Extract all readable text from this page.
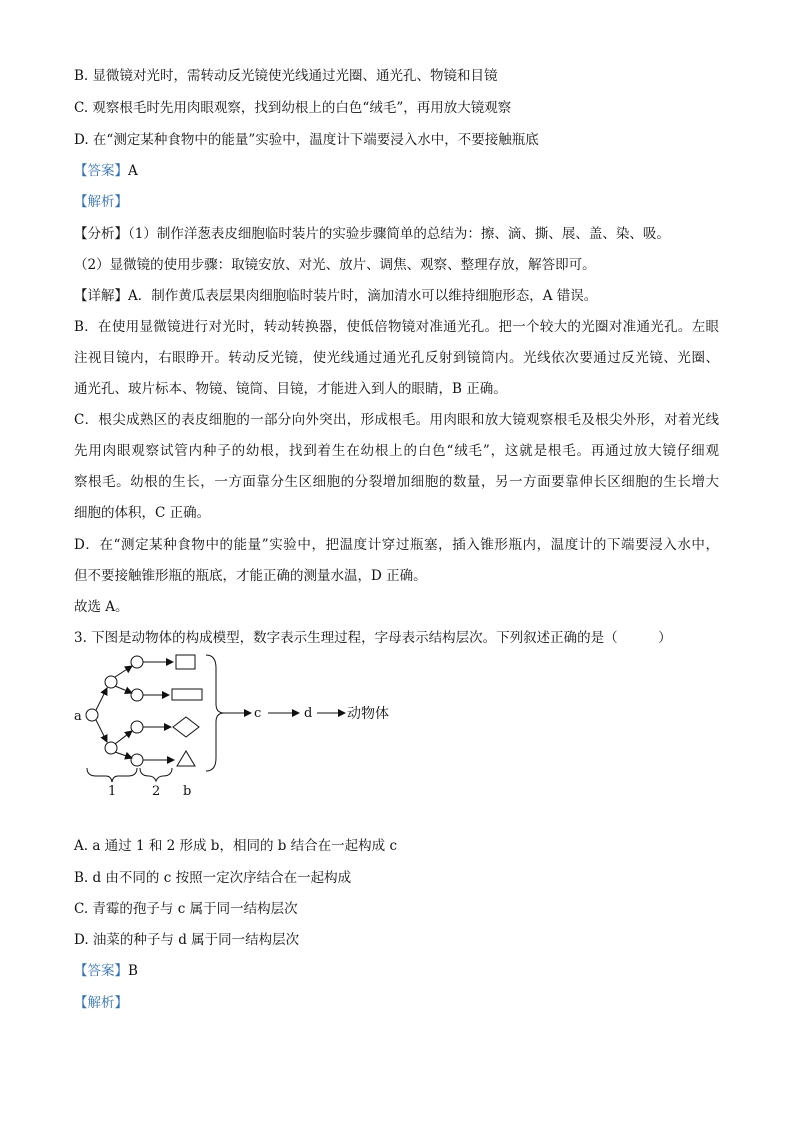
B. 显微镜对光时，需转动反光镜使光线通过光圈、通光孔、物镜和目镜
C. 观察根毛时先用肉眼观察，找到幼根上的白色“绒毛”，再用放大镜观察
D. 在“测定某种食物中的能量”实验中，温度计下端要浸入水中，不要接触瓶底
【答案】A
【解析】
【分析】（1）制作洋葱表皮细胞临时装片的实验步骤简单的总结为：擦、滴、撕、展、盖、染、吸。
（2）显微镜的使用步骤：取镜安放、对光、放片、调焦、观察、整理存放，解答即可。
【详解】A．制作黄瓜表层果肉细胞临时装片时，滴加清水可以维持细胞形态，A 错误。
B．在使用显微镜进行对光时，转动转换器，使低倍物镜对准通光孔。把一个较大的光圈对准通光孔。左眼
注视目镜内，右眼睁开。转动反光镜，使光线通过通光孔反射到镜筒内。光线依次要通过反光镜、光圈、
通光孔、玻片标本、物镜、镜筒、目镜，才能进入到人的眼睛，B 正确。
C．根尖成熟区的表皮细胞的一部分向外突出，形成根毛。用肉眼和放大镜观察根毛及根尖外形，对着光线
先用肉眼观察试管内种子的幼根，找到着生在幼根上的白色“绒毛”，这就是根毛。再通过放大镜仔细观
察根毛。幼根的生长，一方面靠分生区细胞的分裂增加细胞的数量，另一方面要靠伸长区细胞的生长增大
细胞的体积，C 正确。
D．在“测定某种食物中的能量”实验中，把温度计穿过瓶塞，插入锥形瓶内，温度计的下端要浸入水中，
但不要接触锥形瓶的瓶底，才能正确的测量水温，D 正确。
故选 A。
3. 下图是动物体的构成模型，数字表示生理过程，字母表示结构层次。下列叙述正确的是（　　　）
a	c	d 动物体
1	2 b
A. a 通过 1 和 2 形成 b，相同的 b 结合在一起构成 c
B. d 由不同的 c 按照一定次序结合在一起构成
C. 青霉的孢子与 c 属于同一结构层次
D. 油菜的种子与 d 属于同一结构层次
【答案】B
【解析】
